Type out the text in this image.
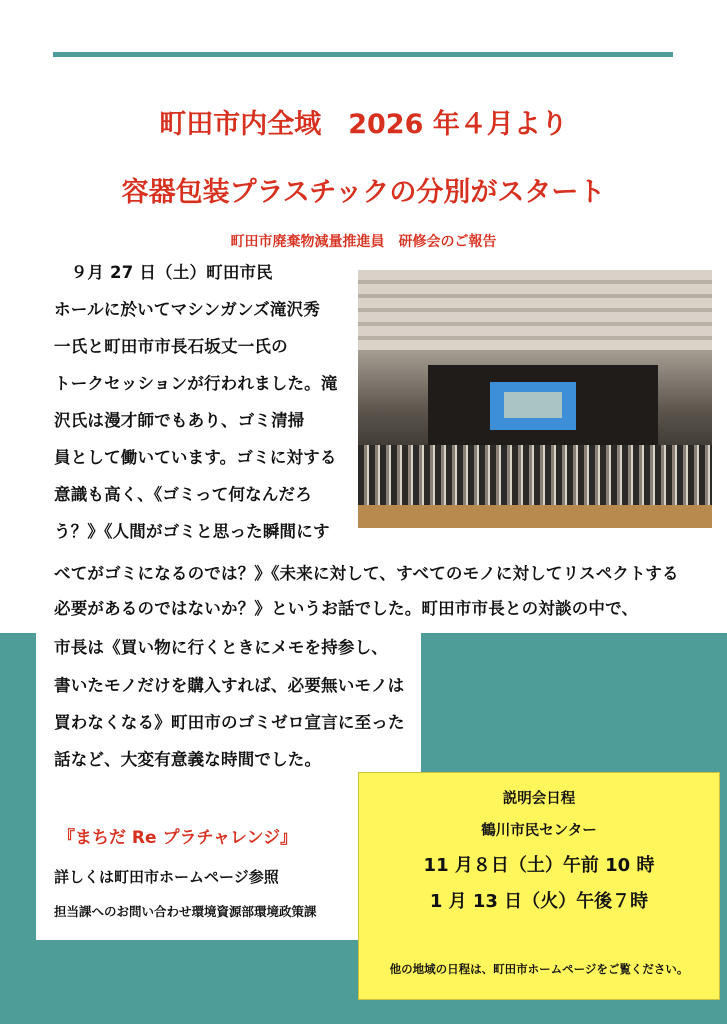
町田市内全域　2026 年４月より
容器包装プラスチックの分別がスタート
町田市廃棄物減量推進員　研修会のご報告
　９月 27 日（土）町田市民
ホールに於いてマシンガンズ滝沢秀
一氏と町田市市長石坂丈一氏の
トークセッションが行われました。滝
沢氏は漫才師でもあり、ゴミ清掃
員として働いています。ゴミに対する
意識も高く、《ゴミって何なんだろ
う？》《人間がゴミと思った瞬間にす
べてがゴミになるのでは？》《未来に対して、すべてのモノに対してリスペクトする
必要があるのではないか？》というお話でした。町田市市長との対談の中で、
市長は《買い物に行くときにメモを持参し、
書いたモノだけを購入すれば、必要無いモノは
買わなくなる》町田市のゴミゼロ宣言に至った
話など、大変有意義な時間でした。
『まちだ Re プラチャレンジ』
詳しくは町田市ホームページ参照
担当課へのお問い合わせ環境資源部環境政策課
説明会日程
鶴川市民センター
11 月８日（土）午前 10 時
1 月 13 日（火）午後７時
他の地域の日程は、町田市ホームページをご覧ください。
